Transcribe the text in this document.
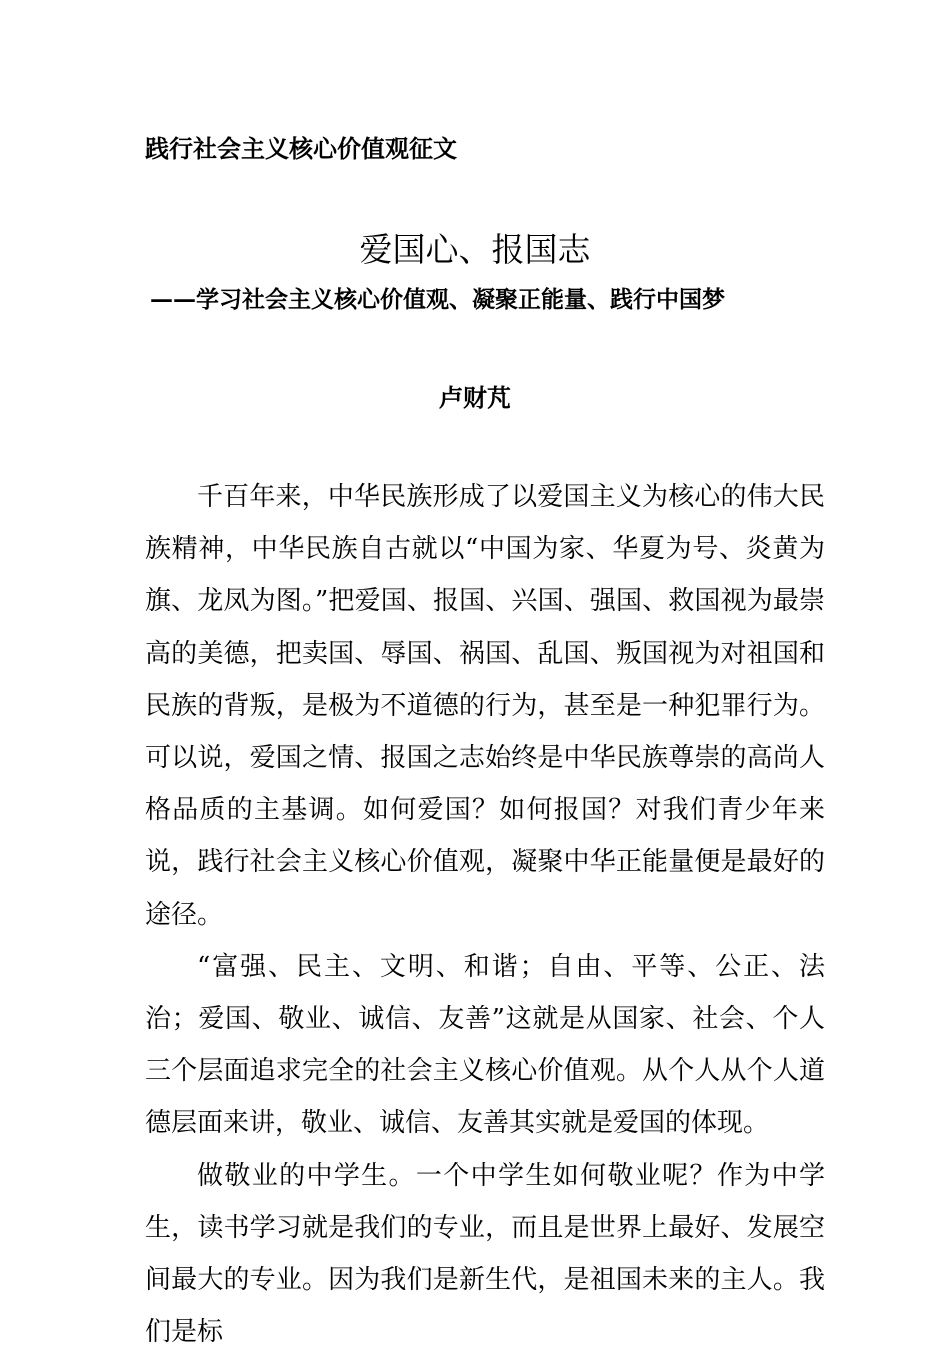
践行社会主义核心价值观征文
爱国心、报国志
——学习社会主义核心价值观、凝聚正能量、践行中国梦
卢财芃

千百年来，中华民族形成了以爱国主义为核心的伟大民族精神，中华民族自古就以“中国为家、华夏为号、炎黄为旗、龙凤为图。”把爱国、报国、兴国、强国、救国视为最崇高的美德，把卖国、辱国、祸国、乱国、叛国视为对祖国和民族的背叛，是极为不道德的行为，甚至是一种犯罪行为。可以说，爱国之情、报国之志始终是中华民族尊崇的高尚人格品质的主基调。如何爱国？如何报国？对我们青少年来说，践行社会主义核心价值观，凝聚中华正能量便是最好的途径。

“富强、民主、文明、和谐；自由、平等、公正、法治；爱国、敬业、诚信、友善”这就是从国家、社会、个人三个层面追求完全的社会主义核心价值观。从个人从个人道德层面来讲，敬业、诚信、友善其实就是爱国的体现。

做敬业的中学生。一个中学生如何敬业呢？作为中学生，读书学习就是我们的专业，而且是世界上最好、发展空间最大的专业。因为我们是新生代，是祖国未来的主人。我们是标
